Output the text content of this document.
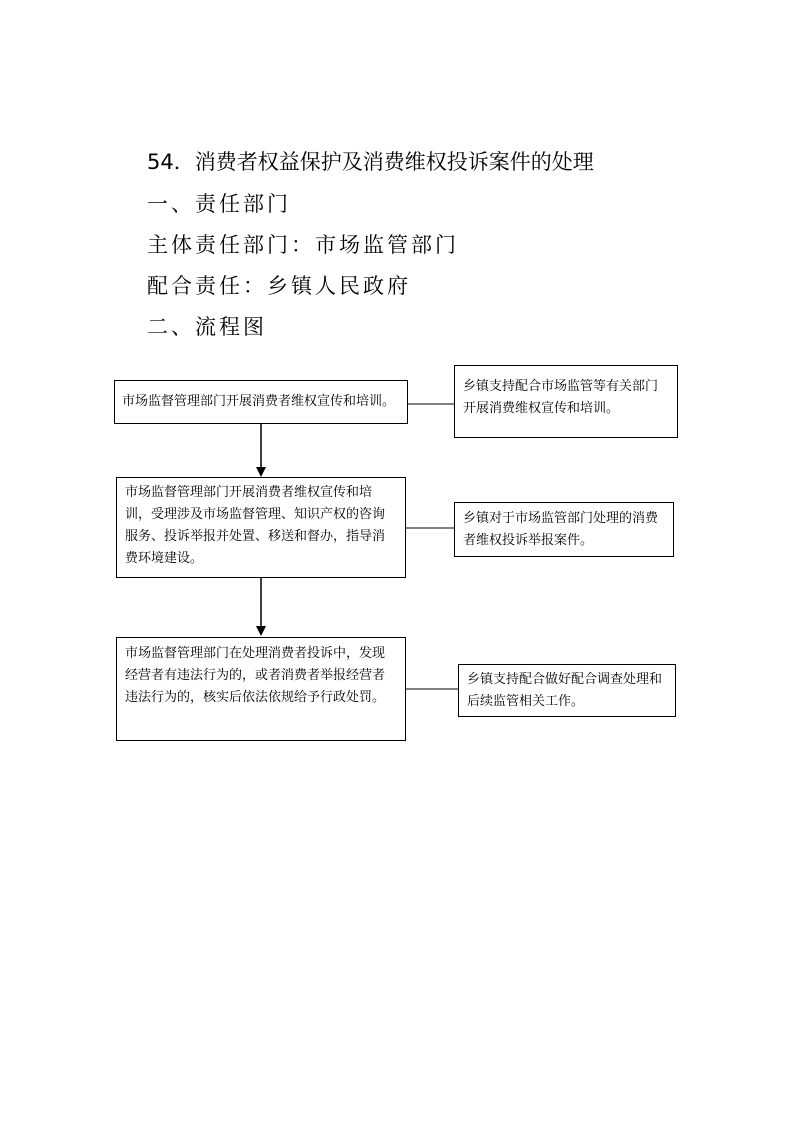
54．消费者权益保护及消费维权投诉案件的处理
一、责任部门
主体责任部门：市场监管部门
配合责任：乡镇人民政府
二、流程图
市场监督管理部门开展消费者维权宣传和培训。
乡镇支持配合市场监管等有关部门开展消费维权宣传和培训。
市场监督管理部门开展消费者维权宣传和培训，受理涉及市场监督管理、知识产权的咨询服务、投诉举报并处置、移送和督办，指导消费环境建设。
乡镇对于市场监管部门处理的消费者维权投诉举报案件。
市场监督管理部门在处理消费者投诉中，发现经营者有违法行为的，或者消费者举报经营者违法行为的，核实后依法依规给予行政处罚。
乡镇支持配合做好配合调查处理和后续监管相关工作。
